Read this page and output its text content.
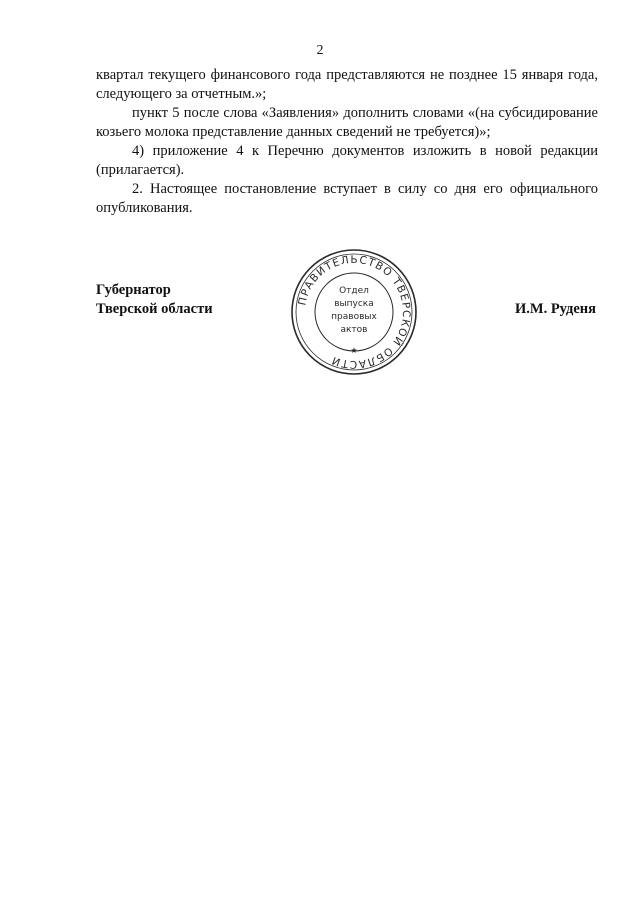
2

квартал текущего финансового года представляются не позднее 15 января года, следующего за отчетным.»;

пункт 5 после слова «Заявления» дополнить словами «(на субсидирование козьего молока представление данных сведений не требуется)»;

4) приложение 4 к Перечню документов изложить в новой редакции (прилагается).

2. Настоящее постановление вступает в силу со дня его официального опубликования.

Губернатор
Тверской области	И.М. Руденя
ПРАВИТЕЛЬСТВО ТВЕРСКОЙ ОБЛАСТИ
★
Отдел
выпуска
правовых
актов
